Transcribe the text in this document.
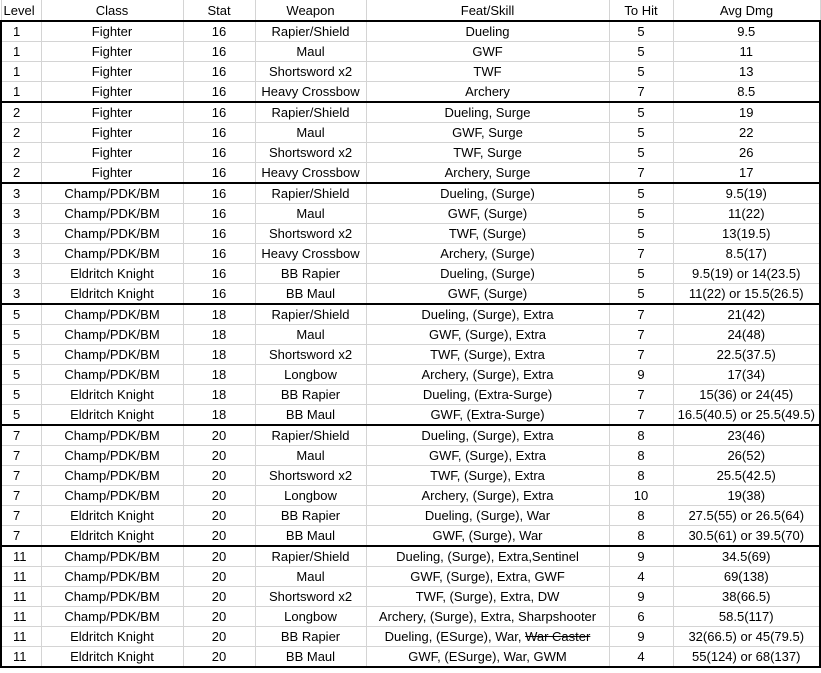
Level	Class	Stat	Weapon	Feat/Skill	To Hit	Avg Dmg
1	Fighter	16	Rapier/Shield	Dueling	5	9.5
1	Fighter	16	Maul	GWF	5	11
1	Fighter	16	Shortsword x2	TWF	5	13
1	Fighter	16	Heavy Crossbow	Archery	7	8.5
2	Fighter	16	Rapier/Shield	Dueling, Surge	5	19
2	Fighter	16	Maul	GWF, Surge	5	22
2	Fighter	16	Shortsword x2	TWF, Surge	5	26
2	Fighter	16	Heavy Crossbow	Archery, Surge	7	17
3	Champ/PDK/BM	16	Rapier/Shield	Dueling, (Surge)	5	9.5(19)
3	Champ/PDK/BM	16	Maul	GWF, (Surge)	5	11(22)
3	Champ/PDK/BM	16	Shortsword x2	TWF, (Surge)	5	13(19.5)
3	Champ/PDK/BM	16	Heavy Crossbow	Archery, (Surge)	7	8.5(17)
3	Eldritch Knight	16	BB Rapier	Dueling, (Surge)	5	9.5(19) or 14(23.5)
3	Eldritch Knight	16	BB Maul	GWF, (Surge)	5	11(22) or 15.5(26.5)
5	Champ/PDK/BM	18	Rapier/Shield	Dueling, (Surge), Extra	7	21(42)
5	Champ/PDK/BM	18	Maul	GWF, (Surge), Extra	7	24(48)
5	Champ/PDK/BM	18	Shortsword x2	TWF, (Surge), Extra	7	22.5(37.5)
5	Champ/PDK/BM	18	Longbow	Archery, (Surge), Extra	9	17(34)
5	Eldritch Knight	18	BB Rapier	Dueling, (Extra-Surge)	7	15(36) or 24(45)
5	Eldritch Knight	18	BB Maul	GWF, (Extra-Surge)	7	16.5(40.5) or 25.5(49.5)
7	Champ/PDK/BM	20	Rapier/Shield	Dueling, (Surge), Extra	8	23(46)
7	Champ/PDK/BM	20	Maul	GWF, (Surge), Extra	8	26(52)
7	Champ/PDK/BM	20	Shortsword x2	TWF, (Surge), Extra	8	25.5(42.5)
7	Champ/PDK/BM	20	Longbow	Archery, (Surge), Extra	10	19(38)
7	Eldritch Knight	20	BB Rapier	Dueling, (Surge), War	8	27.5(55) or 26.5(64)
7	Eldritch Knight	20	BB Maul	GWF, (Surge), War	8	30.5(61) or 39.5(70)
11	Champ/PDK/BM	20	Rapier/Shield	Dueling, (Surge), Extra,Sentinel	9	34.5(69)
11	Champ/PDK/BM	20	Maul	GWF, (Surge), Extra, GWF	4	69(138)
11	Champ/PDK/BM	20	Shortsword x2	TWF, (Surge), Extra, DW	9	38(66.5)
11	Champ/PDK/BM	20	Longbow	Archery, (Surge), Extra, Sharpshooter	6	58.5(117)
11	Eldritch Knight	20	BB Rapier	Dueling, (ESurge), War, War Caster	9	32(66.5) or 45(79.5)
11	Eldritch Knight	20	BB Maul	GWF, (ESurge), War, GWM	4	55(124) or 68(137)
